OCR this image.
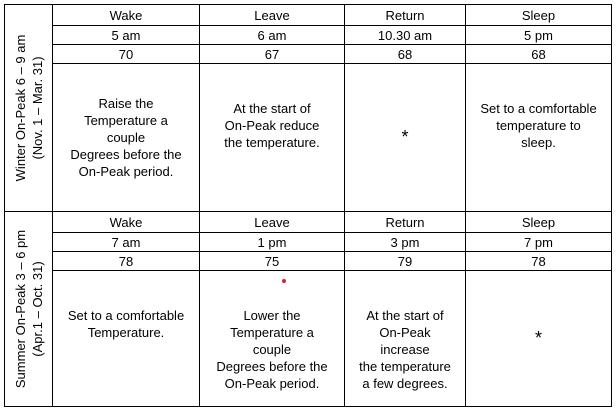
Winter On-Peak 6 – 9 am
(Nov. 1 – Mar. 31)	Wake	Leave	Return	Sleep
	5 am	6 am	10.30 am	5 pm
	70	67	68	68
	Raise the
Temperature a
couple
Degrees before the
On-Peak period.	At the start of
On-Peak reduce
the temperature.	*	Set to a comfortable
temperature to
sleep.

Summer On-Peak 3 – 6 pm
(Apr.1 – Oct. 31)	Wake	Leave	Return	Sleep
	7 am	1 pm	3 pm	7 pm
	78	75	79	78
	Set to a comfortable
Temperature.	Lower the
Temperature a
couple
Degrees before the
On-Peak period.	At the start of
On-Peak
increase
the temperature
a few degrees.	*
